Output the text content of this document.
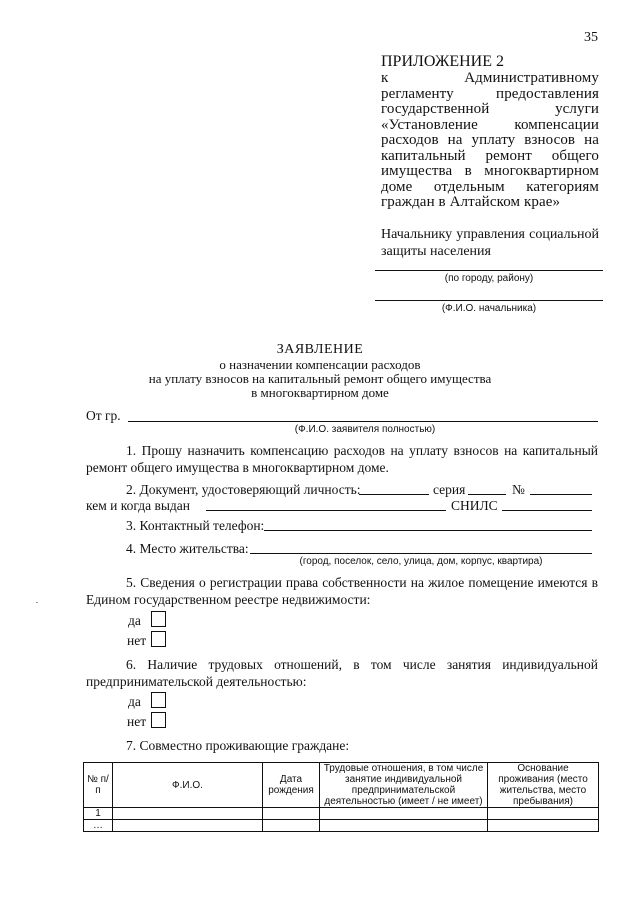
35
ПРИЛОЖЕНИЕ 2
к Административному регламенту предоставления государственной услуги «Установление компенсации расходов на уплату взносов на капитальный ремонт общего имущества в многоквартирном доме отдельным категориям граждан в Алтайском крае»
Начальнику управления социальной защиты населения
(по городу, району)
(Ф.И.О. начальника)
ЗАЯВЛЕНИЕ
о назначении компенсации расходов
на уплату взносов на капитальный ремонт общего имущества
в многоквартирном доме
От гр.
(Ф.И.О. заявителя полностью)
1. Прошу назначить компенсацию расходов на уплату взносов на капитальный ремонт общего имущества в многоквартирном доме.
2. Документ, удостоверяющий личность:	серия	№
кем и когда выдан	СНИЛС
3. Контактный телефон:
4. Место жительства:
(город, поселок, село, улица, дом, корпус, квартира)
5. Сведения о регистрации права собственности на жилое помещение имеются в Едином государственном реестре недвижимости:
да
нет
6. Наличие трудовых отношений, в том числе занятия индивидуальной предпринимательской деятельностью:
да
нет
7. Совместно проживающие граждане:
№ п/п	Ф.И.О.	Дата рождения	Трудовые отношения, в том числе занятие индивидуальной предпринимательской деятельностью (имеет / не имеет)	Основание проживания (место жительства, место пребывания)
1				
…				
